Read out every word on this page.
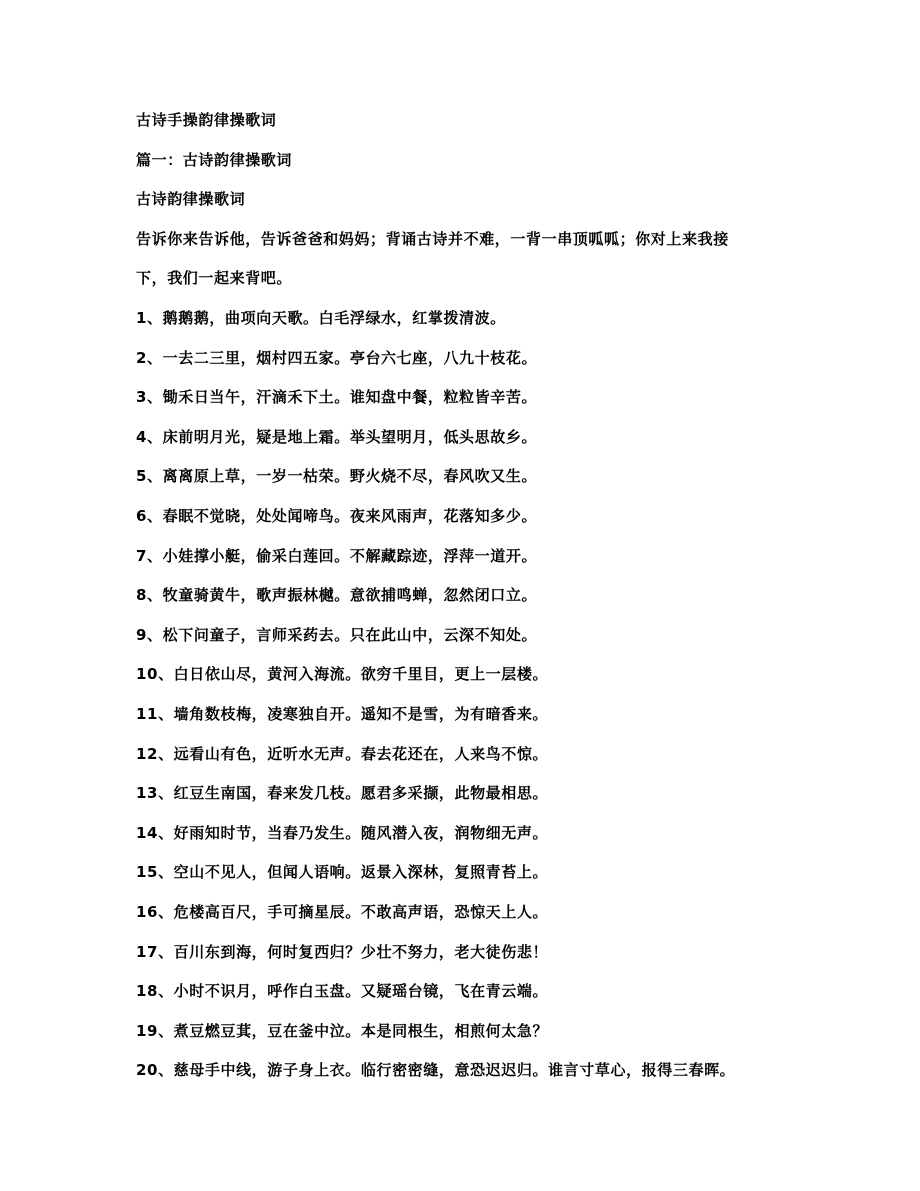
古诗手操韵律操歌词
篇一：古诗韵律操歌词
古诗韵律操歌词
告诉你来告诉他，告诉爸爸和妈妈；背诵古诗并不难，一背一串顶呱呱；你对上来我接
下，我们一起来背吧。
1、鹅鹅鹅，曲项向天歌。白毛浮绿水，红掌拨清波。
2、一去二三里，烟村四五家。亭台六七座，八九十枝花。
3、锄禾日当午，汗滴禾下土。谁知盘中餐，粒粒皆辛苦。
4、床前明月光，疑是地上霜。举头望明月，低头思故乡。
5、离离原上草，一岁一枯荣。野火烧不尽，春风吹又生。
6、春眠不觉晓，处处闻啼鸟。夜来风雨声，花落知多少。
7、小娃撑小艇，偷采白莲回。不解藏踪迹，浮萍一道开。
8、牧童骑黄牛，歌声振林樾。意欲捕鸣蝉，忽然闭口立。
9、松下问童子，言师采药去。只在此山中，云深不知处。
10、白日依山尽，黄河入海流。欲穷千里目，更上一层楼。
11、墙角数枝梅，凌寒独自开。遥知不是雪，为有暗香来。
12、远看山有色，近听水无声。春去花还在，人来鸟不惊。
13、红豆生南国，春来发几枝。愿君多采撷，此物最相思。
14、好雨知时节，当春乃发生。随风潜入夜，润物细无声。
15、空山不见人，但闻人语响。返景入深林，复照青苔上。
16、危楼高百尺，手可摘星辰。不敢高声语，恐惊天上人。
17、百川东到海，何时复西归？少壮不努力，老大徒伤悲！
18、小时不识月，呼作白玉盘。又疑瑶台镜，飞在青云端。
19、煮豆燃豆萁，豆在釜中泣。本是同根生，相煎何太急？
20、慈母手中线，游子身上衣。临行密密缝，意恐迟迟归。谁言寸草心，报得三春晖。
